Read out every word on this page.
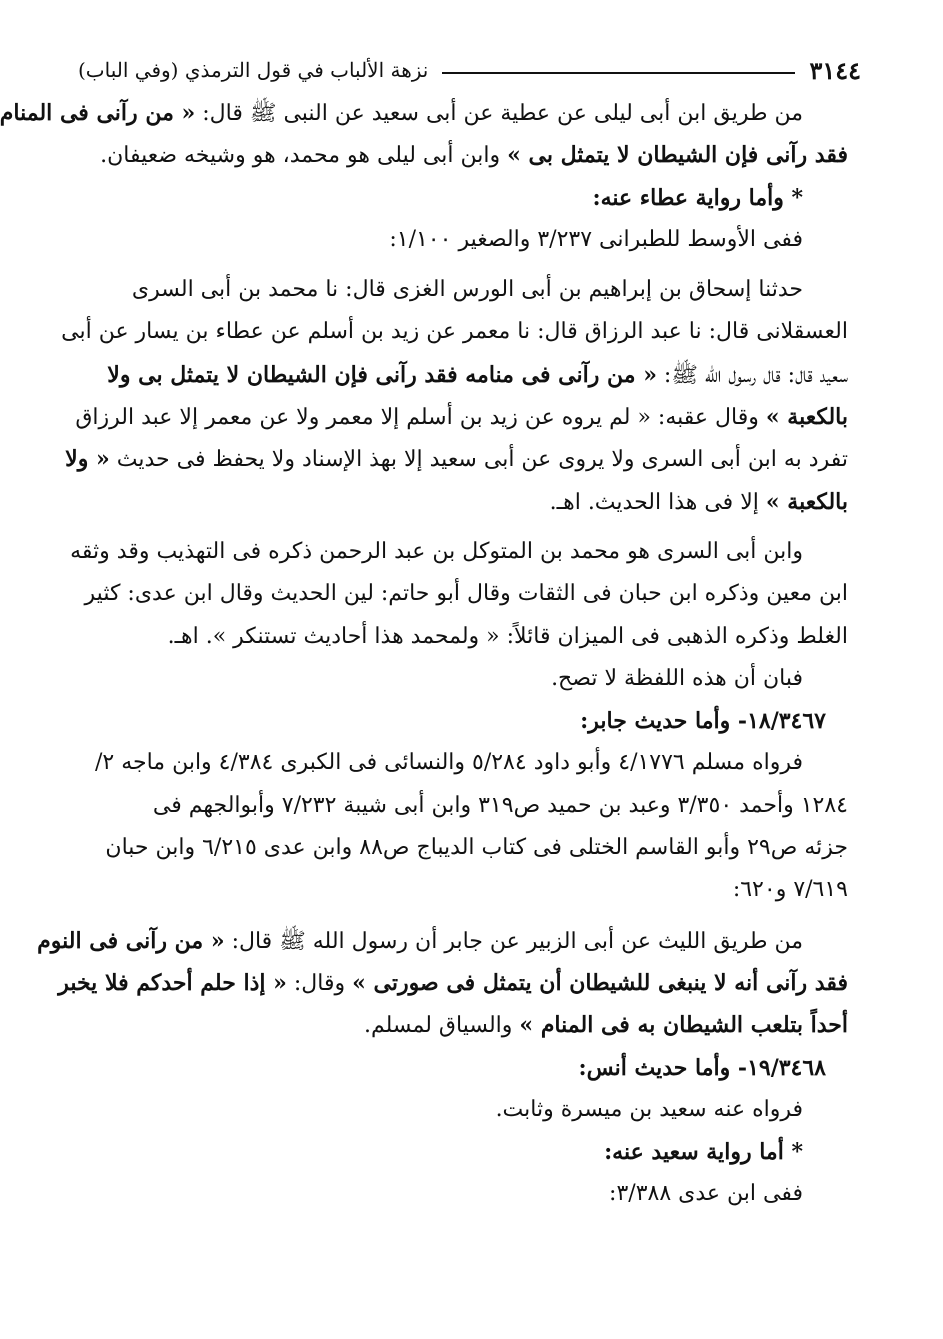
٣١٤٤
نزهة الألباب في قول الترمذي (وفي الباب)
من طريق ابن أبى ليلى عن عطية عن أبى سعيد عن النبى ﷺ قال: « من رآنى فى المنام
فقد رآنى فإن الشيطان لا يتمثل بى » وابن أبى ليلى هو محمد، هو وشيخه ضعيفان.
* وأما رواية عطاء عنه:
ففى الأوسط للطبرانى ٣/٢٣٧ والصغير ١/١٠٠:
حدثنا إسحاق بن إبراهيم بن أبى الورس الغزى قال: نا محمد بن أبى السرى
العسقلانى قال: نا عبد الرزاق قال: نا معمر عن زيد بن أسلم عن عطاء بن يسار عن أبى
سعيد قال: قال رسول الله ﷺ: « من رآنى فى منامه فقد رآنى فإن الشيطان لا يتمثل بى ولا
بالكعبة » وقال عقبه: « لم يروه عن زيد بن أسلم إلا معمر ولا عن معمر إلا عبد الرزاق
تفرد به ابن أبى السرى ولا يروى عن أبى سعيد إلا بهذ الإسناد ولا يحفظ فى حديث « ولا
بالكعبة » إلا فى هذا الحديث. اهـ.
وابن أبى السرى هو محمد بن المتوكل بن عبد الرحمن ذكره فى التهذيب وقد وثقه
ابن معين وذكره ابن حبان فى الثقات وقال أبو حاتم: لين الحديث وقال ابن عدى: كثير
الغلط وذكره الذهبى فى الميزان قائلاً: « ولمحمد هذا أحاديث تستنكر ». اهـ.
فبان أن هذه اللفظة لا تصح.
١٨/٣٤٦٧- وأما حديث جابر:
فرواه مسلم ٤/١٧٧٦ وأبو داود ٥/٢٨٤ والنسائى فى الكبرى ٤/٣٨٤ وابن ماجه ٢/
١٢٨٤ وأحمد ٣/٣٥٠ وعبد بن حميد ص٣١٩ وابن أبى شيبة ٧/٢٣٢ وأبوالجهم فى
جزئه ص٢٩ وأبو القاسم الختلى فى كتاب الديباج ص٨٨ وابن عدى ٦/٢١٥ وابن حبان
٧/٦١٩ و٦٢٠:
من طريق الليث عن أبى الزبير عن جابر أن رسول الله ﷺ قال: « من رآنى فى النوم
فقد رآنى أنه لا ينبغى للشيطان أن يتمثل فى صورتى » وقال: « إذا حلم أحدكم فلا يخبر
أحداً بتلعب الشيطان به فى المنام » والسياق لمسلم.
١٩/٣٤٦٨- وأما حديث أنس:
فرواه عنه سعيد بن ميسرة وثابت.
* أما رواية سعيد عنه:
ففى ابن عدى ٣/٣٨٨:
